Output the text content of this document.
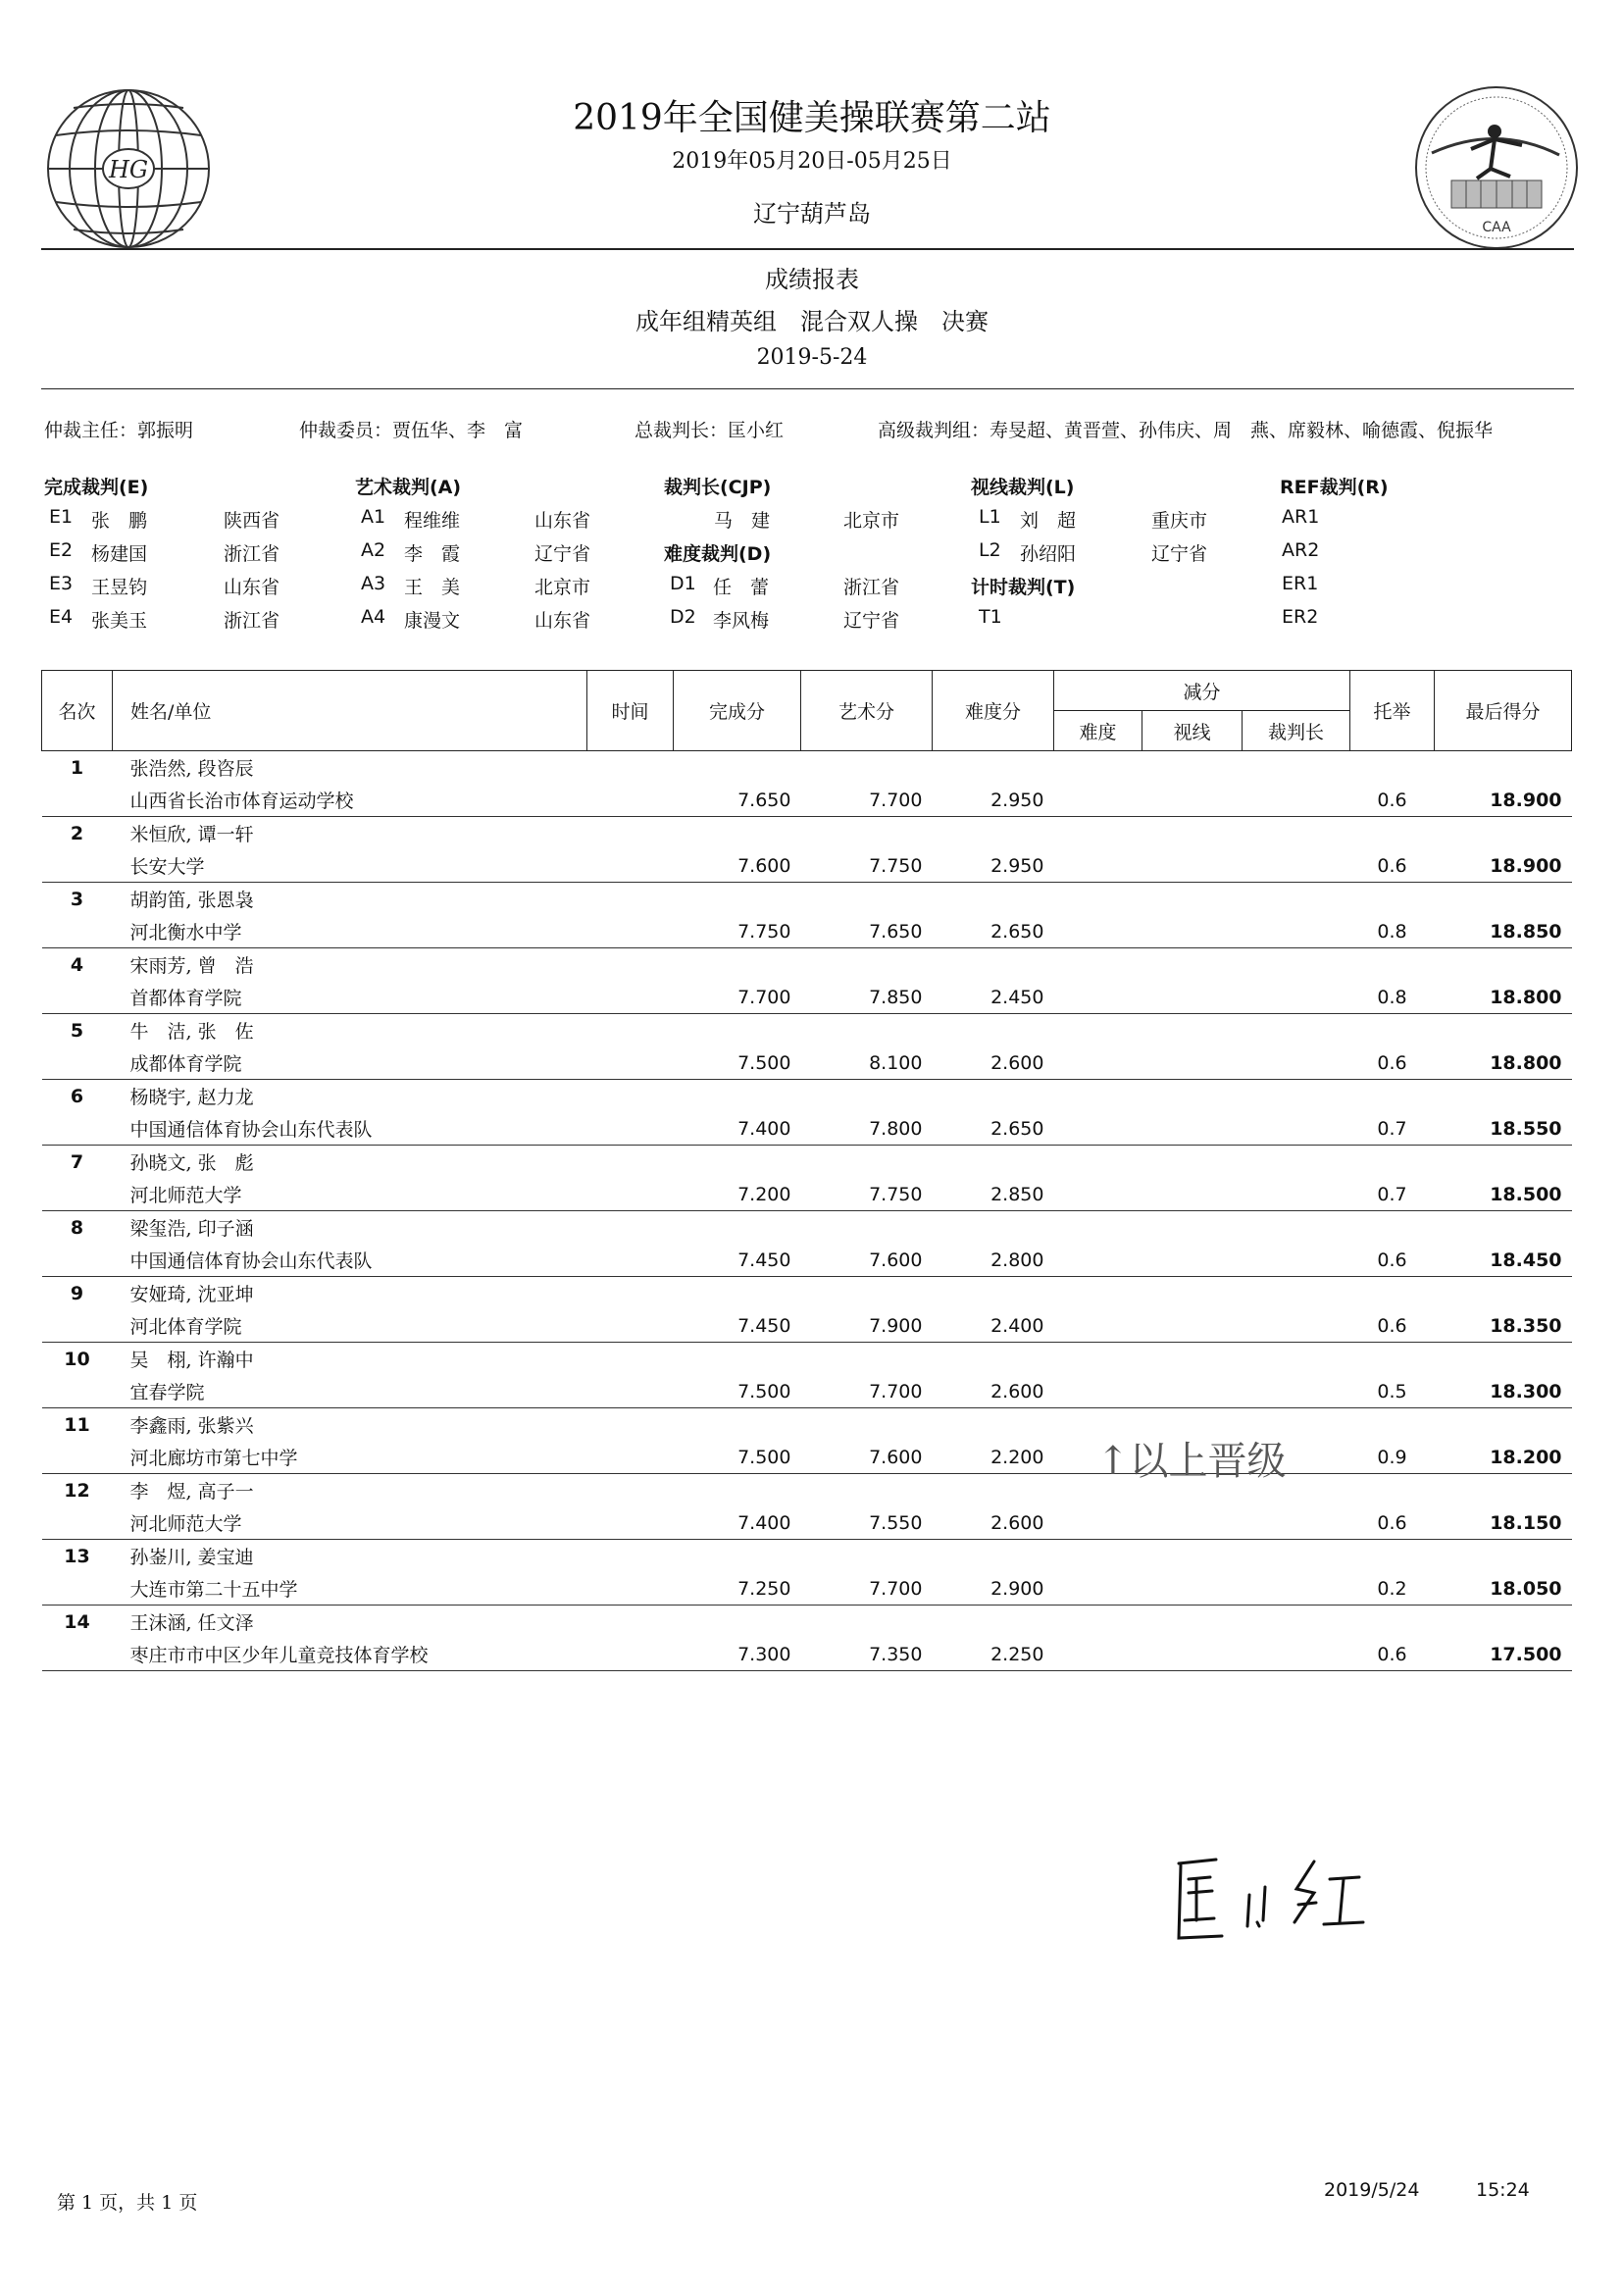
HG
CAA
2019年全国健美操联赛第二站
2019年05月20日-05月25日
辽宁葫芦岛
成绩报表
成年组精英组　混合双人操　决赛
2019-5-24
仲裁主任：郭振明	仲裁委员：贾伍华、李　富	总裁判长：匡小红	高级裁判组：寿旻超、黄晋萱、孙伟庆、周　燕、席毅林、喻德霞、倪振华
完成裁判(E)	艺术裁判(A)	裁判长(CJP)	视线裁判(L)	REF裁判(R)
E1 张　鹏	陕西省
E2 杨建国	浙江省
E3 王昱钧	山东省
E4 张美玉	浙江省
A1 程维维	山东省
A2 李　霞	辽宁省
A3 王　美	北京市
A4 康漫文	山东省
马　建	北京市
难度裁判(D)
D1 任　蕾	浙江省
D2 李风梅	辽宁省
L1 刘　超	重庆市
L2 孙绍阳	辽宁省
计时裁判(T)
T1
AR1
AR2
ER1
ER2
名次	姓名/单位	时间	完成分	艺术分	难度分	减分			托举	最后得分
						难度	视线	裁判长		
1	张浩然, 段咨辰									
	山西省长治市体育运动学校		7.650	7.700	2.950				0.6	18.900
2	米恒欣, 谭一轩									
	长安大学		7.600	7.750	2.950				0.6	18.900
3	胡韵笛, 张恩袅									
	河北衡水中学		7.750	7.650	2.650				0.8	18.850
4	宋雨芳, 曾　浩									
	首都体育学院		7.700	7.850	2.450				0.8	18.800
5	牛　洁, 张　佐									
	成都体育学院		7.500	8.100	2.600				0.6	18.800
6	杨晓宇, 赵力龙									
	中国通信体育协会山东代表队		7.400	7.800	2.650				0.7	18.550
7	孙晓文, 张　彪									
	河北师范大学		7.200	7.750	2.850				0.7	18.500
8	梁玺浩, 印子涵									
	中国通信体育协会山东代表队		7.450	7.600	2.800				0.6	18.450
9	安娅琦, 沈亚坤									
	河北体育学院		7.450	7.900	2.400				0.6	18.350
10	吴　栩, 许瀚中									
	宜春学院		7.500	7.700	2.600				0.5	18.300
11	李鑫雨, 张紫兴									
	河北廊坊市第七中学		7.500	7.600	2.200				0.9	18.200
12	李　煜, 高子一									
	河北师范大学		7.400	7.550	2.600				0.6	18.150
13	孙崟川, 姜宝迪									
	大连市第二十五中学		7.250	7.700	2.900				0.2	18.050
14	王沫涵, 任文泽									
	枣庄市市中区少年儿童竞技体育学校		7.300	7.350	2.250				0.6	17.500
↑以上晋级
第 1 页，共 1 页
2019/5/24	15:24
